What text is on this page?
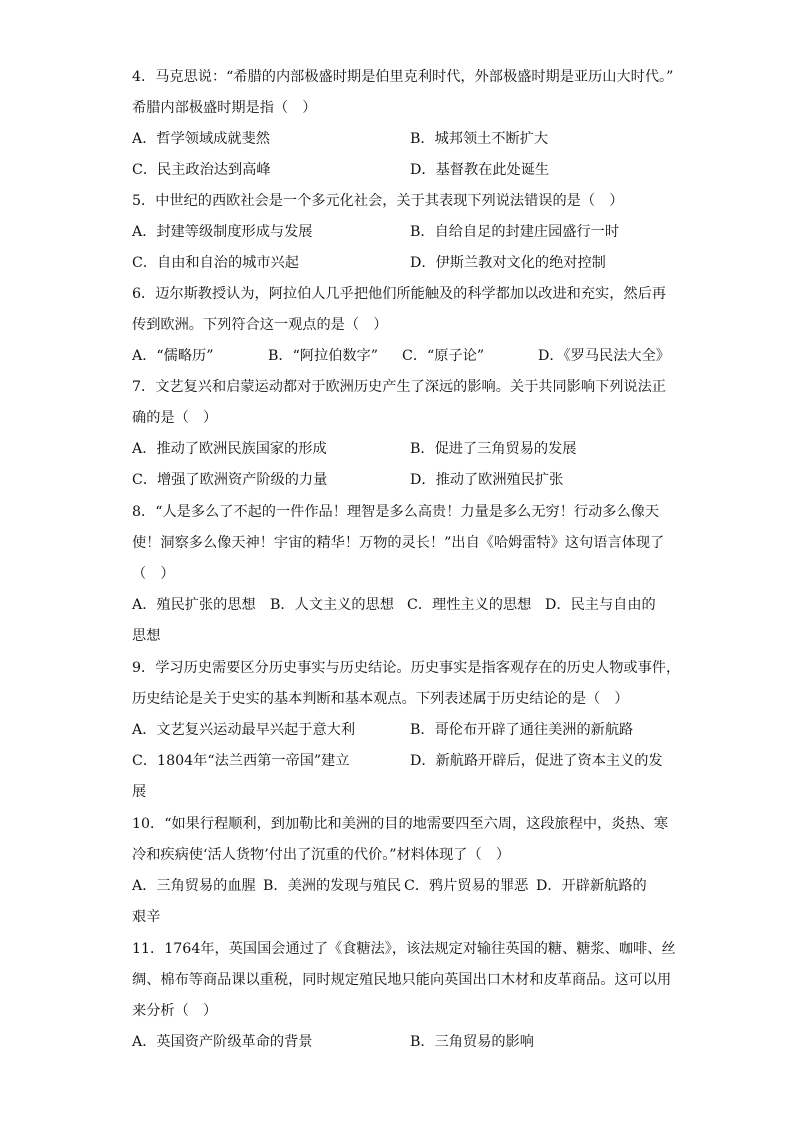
4．马克思说：“希腊的内部极盛时期是伯里克利时代，外部极盛时期是亚历山大时代。”
希腊内部极盛时期是指（　）
A．哲学领域成就斐然	B．城邦领土不断扩大
C．民主政治达到高峰	D．基督教在此处诞生
5．中世纪的西欧社会是一个多元化社会，关于其表现下列说法错误的是（　）
A．封建等级制度形成与发展	B．自给自足的封建庄园盛行一时
C．自由和自治的城市兴起	D．伊斯兰教对文化的绝对控制
6．迈尔斯教授认为，阿拉伯人几乎把他们所能触及的科学都加以改进和充实，然后再
传到欧洲。下列符合这一观点的是（　）
A．“儒略历”	B．“阿拉伯数字” C．“原子论”	D．《罗马民法大全》
7．文艺复兴和启蒙运动都对于欧洲历史产生了深远的影响。关于共同影响下列说法正
确的是（　）
A．推动了欧洲民族国家的形成	B．促进了三角贸易的发展
C．增强了欧洲资产阶级的力量	D．推动了欧洲殖民扩张
8．“人是多么了不起的一件作品！理智是多么高贵！力量是多么无穷！行动多么像天
使！洞察多么像天神！宇宙的精华！万物的灵长！”出自《哈姆雷特》这句语言体现了
（　）
A．殖民扩张的思想 B．人文主义的思想 C．理性主义的思想 D．民主与自由的
思想
9．学习历史需要区分历史事实与历史结论。历史事实是指客观存在的历史人物或事件，
历史结论是关于史实的基本判断和基本观点。下列表述属于历史结论的是（　）
A．文艺复兴运动最早兴起于意大利	B．哥伦布开辟了通往美洲的新航路
C．1804年“法兰西第一帝国”建立	D．新航路开辟后，促进了资本主义的发
展
10．“如果行程顺利，到加勒比和美洲的目的地需要四至六周，这段旅程中，炎热、寒
冷和疾病使‘活人货物’付出了沉重的代价。”材料体现了（　）
A．三角贸易的血腥 B．美洲的发现与殖民 C．鸦片贸易的罪恶 D．开辟新航路的
艰辛
11．1764年，英国国会通过了《食糖法》，该法规定对输往英国的糖、糖浆、咖啡、丝
绸、棉布等商品课以重税，同时规定殖民地只能向英国出口木材和皮革商品。这可以用
来分析（　）
A．英国资产阶级革命的背景	B．三角贸易的影响
